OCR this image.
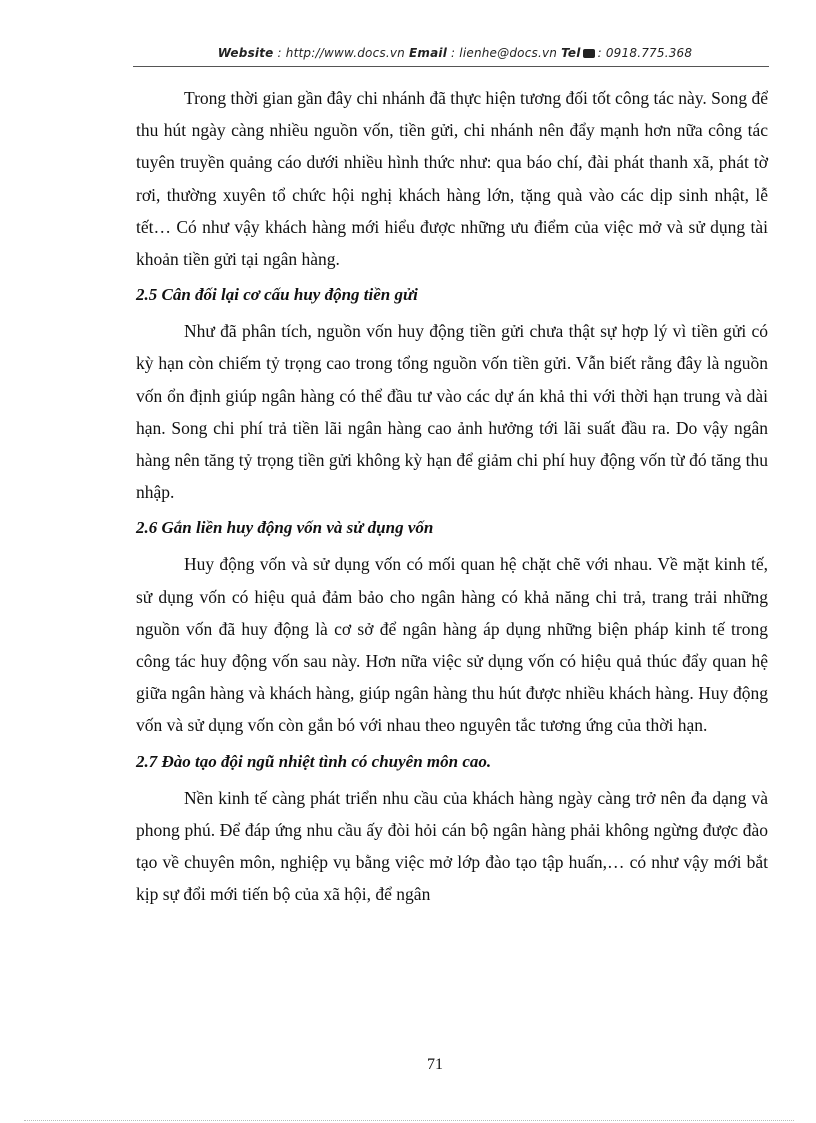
Website : http://www.docs.vn Email : lienhe@docs.vn Tel : 0918.775.368

Trong thời gian gần đây chi nhánh đã thực hiện tương đối tốt công tác này. Song để thu hút ngày càng nhiều nguồn vốn, tiền gửi, chi nhánh nên đẩy mạnh hơn nữa công tác tuyên truyền quảng cáo dưới nhiều hình thức như: qua báo chí, đài phát thanh xã, phát tờ rơi, thường xuyên tổ chức hội nghị khách hàng lớn, tặng quà vào các dịp sinh nhật, lễ tết… Có như vậy khách hàng mới hiểu được những ưu điểm của việc mở và sử dụng tài khoản tiền gửi tại ngân hàng.

2.5 Cân đối lại cơ cấu huy động tiền gửi

Như đã phân tích, nguồn vốn huy động tiền gửi chưa thật sự hợp lý vì tiền gửi có kỳ hạn còn chiếm tỷ trọng cao trong tổng nguồn vốn tiền gửi. Vẫn biết rằng đây là nguồn vốn ổn định giúp ngân hàng có thể đầu tư vào các dự án khả thi với thời hạn trung và dài hạn. Song chi phí trả tiền lãi ngân hàng cao ảnh hưởng tới lãi suất đầu ra. Do vậy ngân hàng nên tăng tỷ trọng tiền gửi không kỳ hạn để giảm chi phí huy động vốn từ đó tăng thu nhập.

2.6 Gắn liền huy động vốn và sử dụng vốn

Huy động vốn và sử dụng vốn có mối quan hệ chặt chẽ với nhau. Về mặt kinh tế, sử dụng vốn có hiệu quả đảm bảo cho ngân hàng có khả năng chi trả, trang trải những nguồn vốn đã huy động là cơ sở để ngân hàng áp dụng những biện pháp kinh tế trong công tác huy động vốn sau này. Hơn nữa việc sử dụng vốn có hiệu quả thúc đẩy quan hệ giữa ngân hàng và khách hàng, giúp ngân hàng thu hút được nhiều khách hàng. Huy động vốn và sử dụng vốn còn gắn bó với nhau theo nguyên tắc tương ứng của thời hạn.

2.7 Đào tạo đội ngũ nhiệt tình có chuyên môn cao.

Nền kinh tế càng phát triển nhu cầu của khách hàng ngày càng trở nên đa dạng và phong phú. Để đáp ứng nhu cầu ấy đòi hỏi cán bộ ngân hàng phải không ngừng được đào tạo về chuyên môn, nghiệp vụ bằng việc mở lớp đào tạo tập huấn,… có như vậy mới bắt kịp sự đổi mới tiến bộ của xã hội, để ngân

71
